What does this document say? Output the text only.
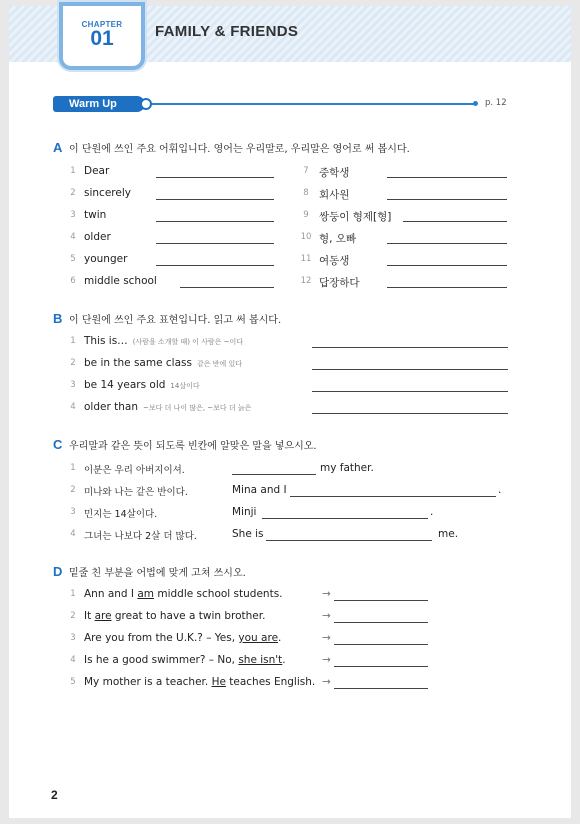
CHAPTER
01	FAMILY & FRIENDS
Warm Up	p. 12
A 이 단원에 쓰인 주요 어휘입니다. 영어는 우리말로, 우리말은 영어로 써 봅시다.
1 Dear
2 sincerely
3 twin
4 older
5 younger
6 middle school
7 중학생
8 회사원
9 쌍둥이 형제[형]
10 형, 오빠
11 여동생
12 답장하다
B 이 단원에 쓰인 주요 표현입니다. 읽고 써 봅시다.
1 This is… (사람을 소개할 때) 이 사람은 ~이다
2 be in the same class 같은 반에 있다
3 be 14 years old 14살이다
4 older than ~보다 더 나이 많은, ~보다 더 늙은
C 우리말과 같은 뜻이 되도록 빈칸에 알맞은 말을 넣으시오.
1 이분은 우리 아버지이셔.	my father.
2 미나와 나는 같은 반이다.	Mina and I	.
3 민지는 14살이다.	Minji	.
4 그녀는 나보다 2살 더 많다.	She is	me.
D 밑줄 친 부분을 어법에 맞게 고쳐 쓰시오.
1 Ann and I am middle school students.	→
2 It are great to have a twin brother.	→
3 Are you from the U.K.? – Yes, you are.	→
4 Is he a good swimmer? – No, she isn't.	→
5 My mother is a teacher. He teaches English. →
2
